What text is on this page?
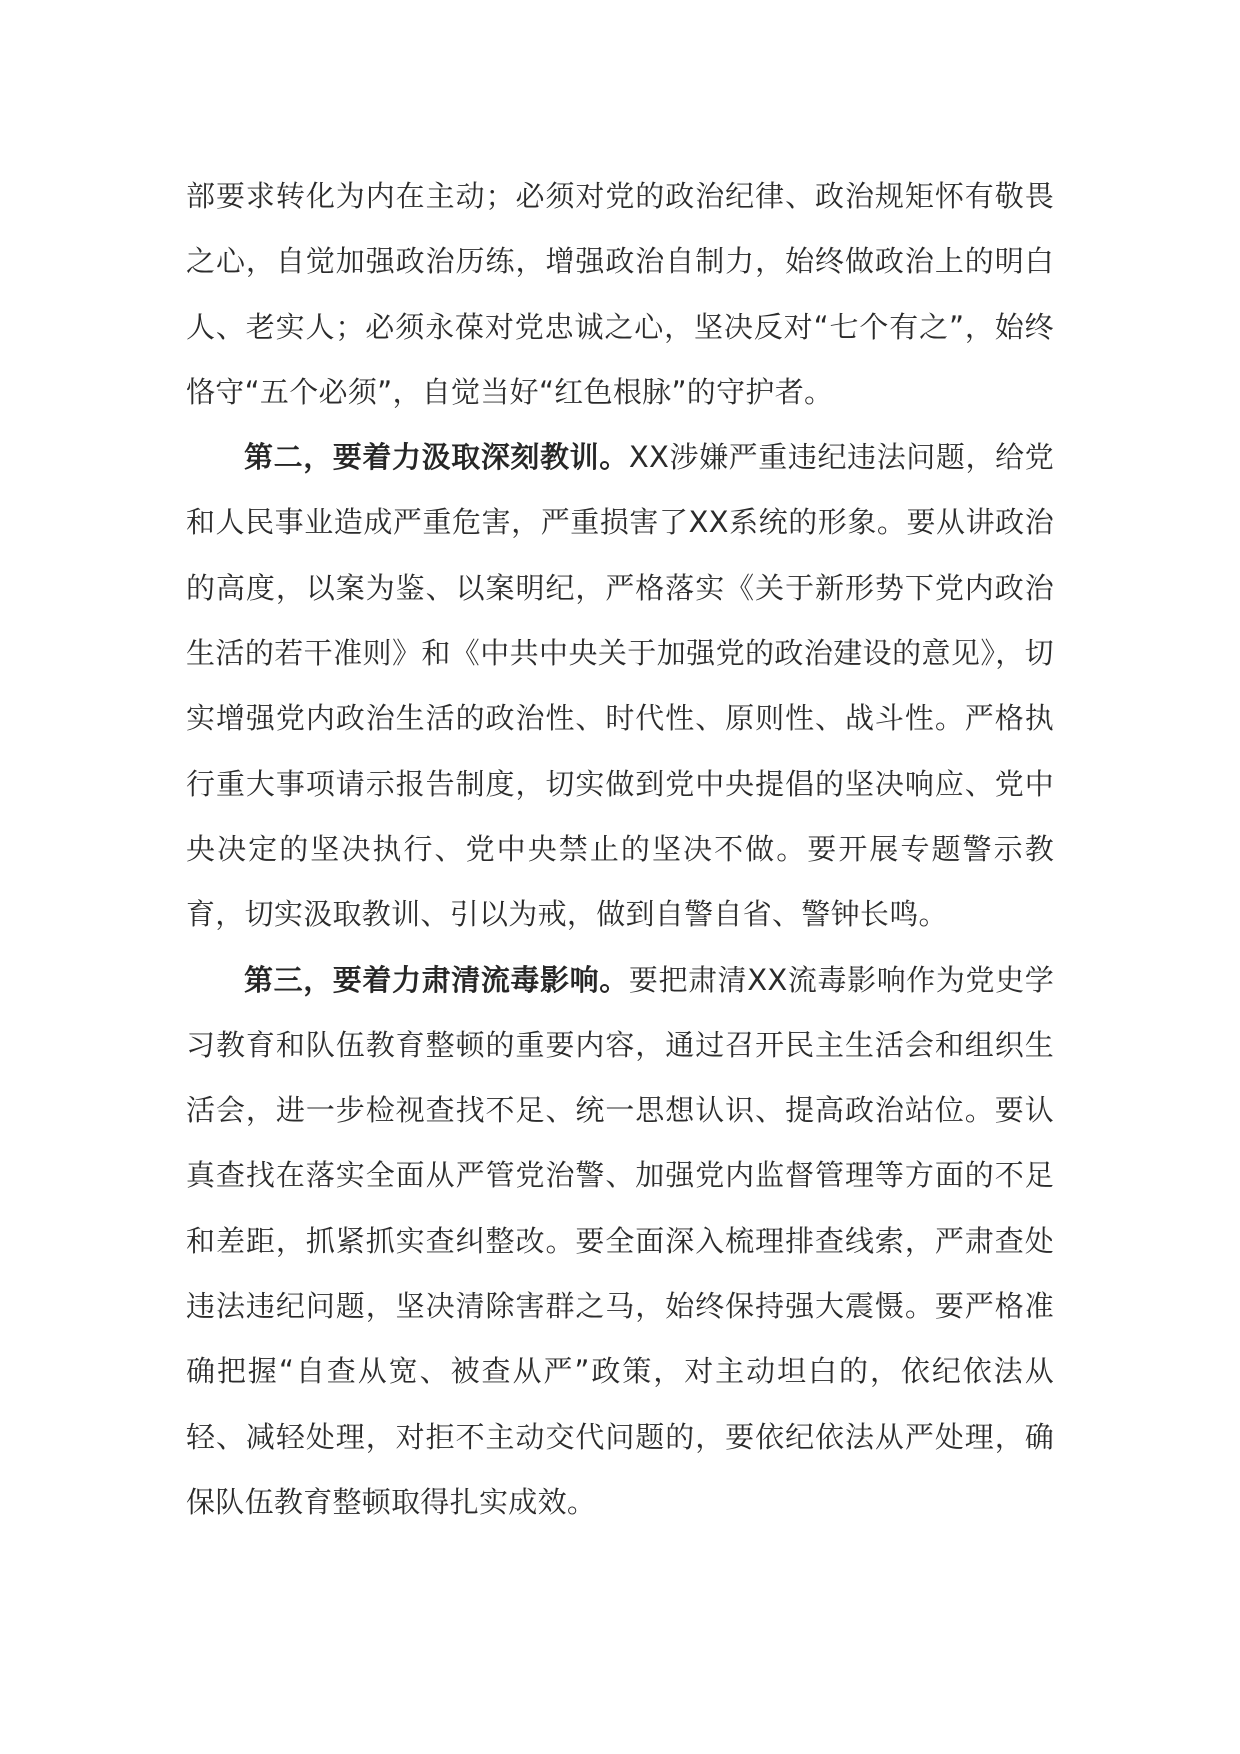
部要求转化为内在主动；必须对党的政治纪律、政治规矩怀有敬畏之心，自觉加强政治历练，增强政治自制力，始终做政治上的明白人、老实人；必须永葆对党忠诚之心，坚决反对“七个有之”，始终恪守“五个必须”，自觉当好“红色根脉”的守护者。

第二，要着力汲取深刻教训。XX涉嫌严重违纪违法问题，给党和人民事业造成严重危害，严重损害了XX系统的形象。要从讲政治的高度，以案为鉴、以案明纪，严格落实《关于新形势下党内政治生活的若干准则》和《中共中央关于加强党的政治建设的意见》，切实增强党内政治生活的政治性、时代性、原则性、战斗性。严格执行重大事项请示报告制度，切实做到党中央提倡的坚决响应、党中央决定的坚决执行、党中央禁止的坚决不做。要开展专题警示教育，切实汲取教训、引以为戒，做到自警自省、警钟长鸣。

第三，要着力肃清流毒影响。要把肃清XX流毒影响作为党史学习教育和队伍教育整顿的重要内容，通过召开民主生活会和组织生活会，进一步检视查找不足、统一思想认识、提高政治站位。要认真查找在落实全面从严管党治警、加强党内监督管理等方面的不足和差距，抓紧抓实查纠整改。要全面深入梳理排查线索，严肃查处违法违纪问题，坚决清除害群之马，始终保持强大震慑。要严格准确把握“自查从宽、被查从严”政策，对主动坦白的，依纪依法从轻、减轻处理，对拒不主动交代问题的，要依纪依法从严处理，确保队伍教育整顿取得扎实成效。
